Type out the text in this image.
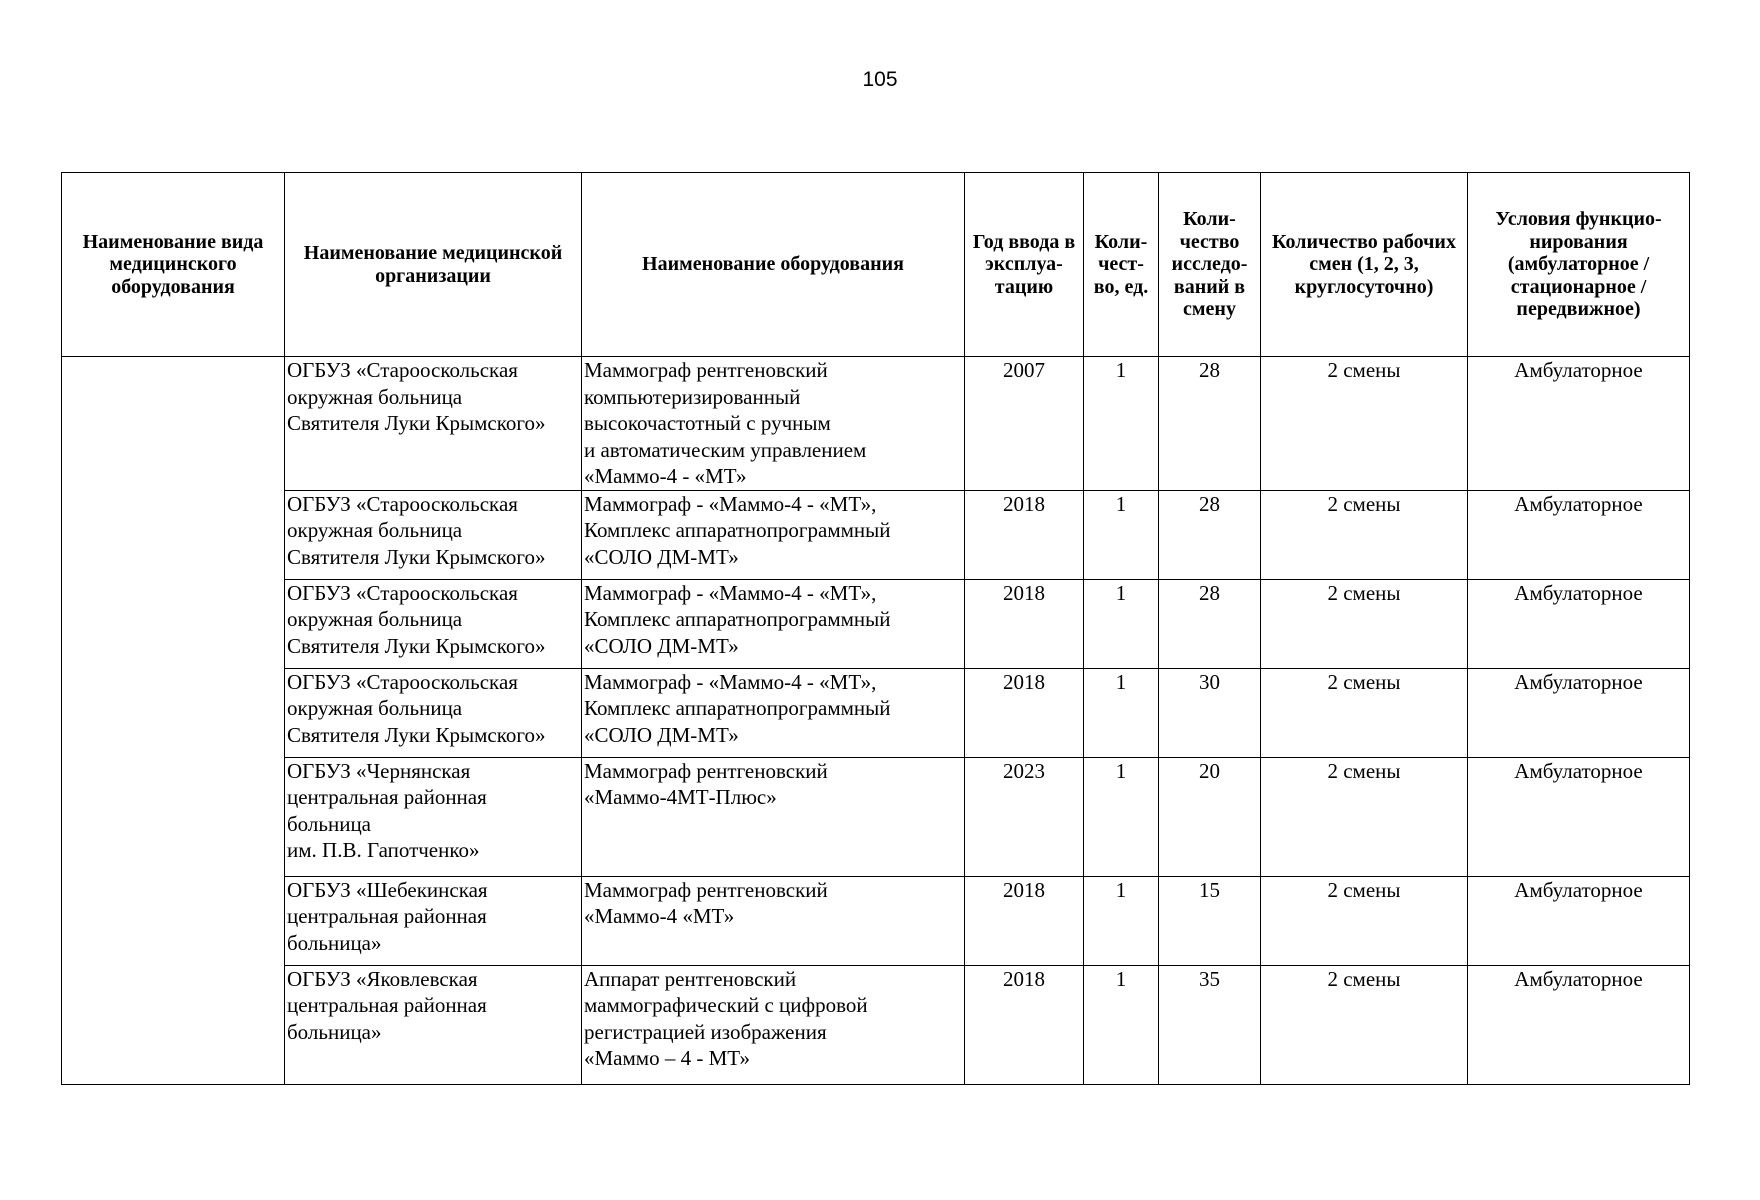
105
Наименование вида медицинского оборудования	Наименование медицинской организации	Наименование оборудования	Год ввода в эксплуа-тацию	Коли-чест-во, ед.	Коли-чество исследо-ваний в смену	Количество рабочих смен (1, 2, 3, круглосуточно)	Условия функцио-нирования (амбулаторное / стационарное / передвижное)
	ОГБУЗ «Старооскольская
окружная больница
Святителя Луки Крымского»	Маммограф рентгеновский
компьютеризированный
высокочастотный с ручным
и автоматическим управлением
«Маммо-4 - «МТ»	2007	1	28	2 смены	Амбулаторное
	ОГБУЗ «Старооскольская
окружная больница
Святителя Луки Крымского»	Маммограф - «Маммо-4 - «МТ»,
Комплекс аппаратнопрограммный
«СОЛО ДМ-МТ»	2018	1	28	2 смены	Амбулаторное
	ОГБУЗ «Старооскольская
окружная больница
Святителя Луки Крымского»	Маммограф - «Маммо-4 - «МТ»,
Комплекс аппаратнопрограммный
«СОЛО ДМ-МТ»	2018	1	28	2 смены	Амбулаторное
	ОГБУЗ «Старооскольская
окружная больница
Святителя Луки Крымского»	Маммограф - «Маммо-4 - «МТ»,
Комплекс аппаратнопрограммный
«СОЛО ДМ-МТ»	2018	1	30	2 смены	Амбулаторное
	ОГБУЗ «Чернянская
центральная районная
больница
им. П.В. Гапотченко»	Маммограф рентгеновский
«Маммо-4МТ-Плюс»	2023	1	20	2 смены	Амбулаторное
	ОГБУЗ «Шебекинская
центральная районная
больница»	Маммограф рентгеновский
«Маммо-4 «МТ»	2018	1	15	2 смены	Амбулаторное
	ОГБУЗ «Яковлевская
центральная районная
больница»	Аппарат рентгеновский
маммографический с цифровой
регистрацией изображения
«Маммо – 4 - МТ»	2018	1	35	2 смены	Амбулаторное
